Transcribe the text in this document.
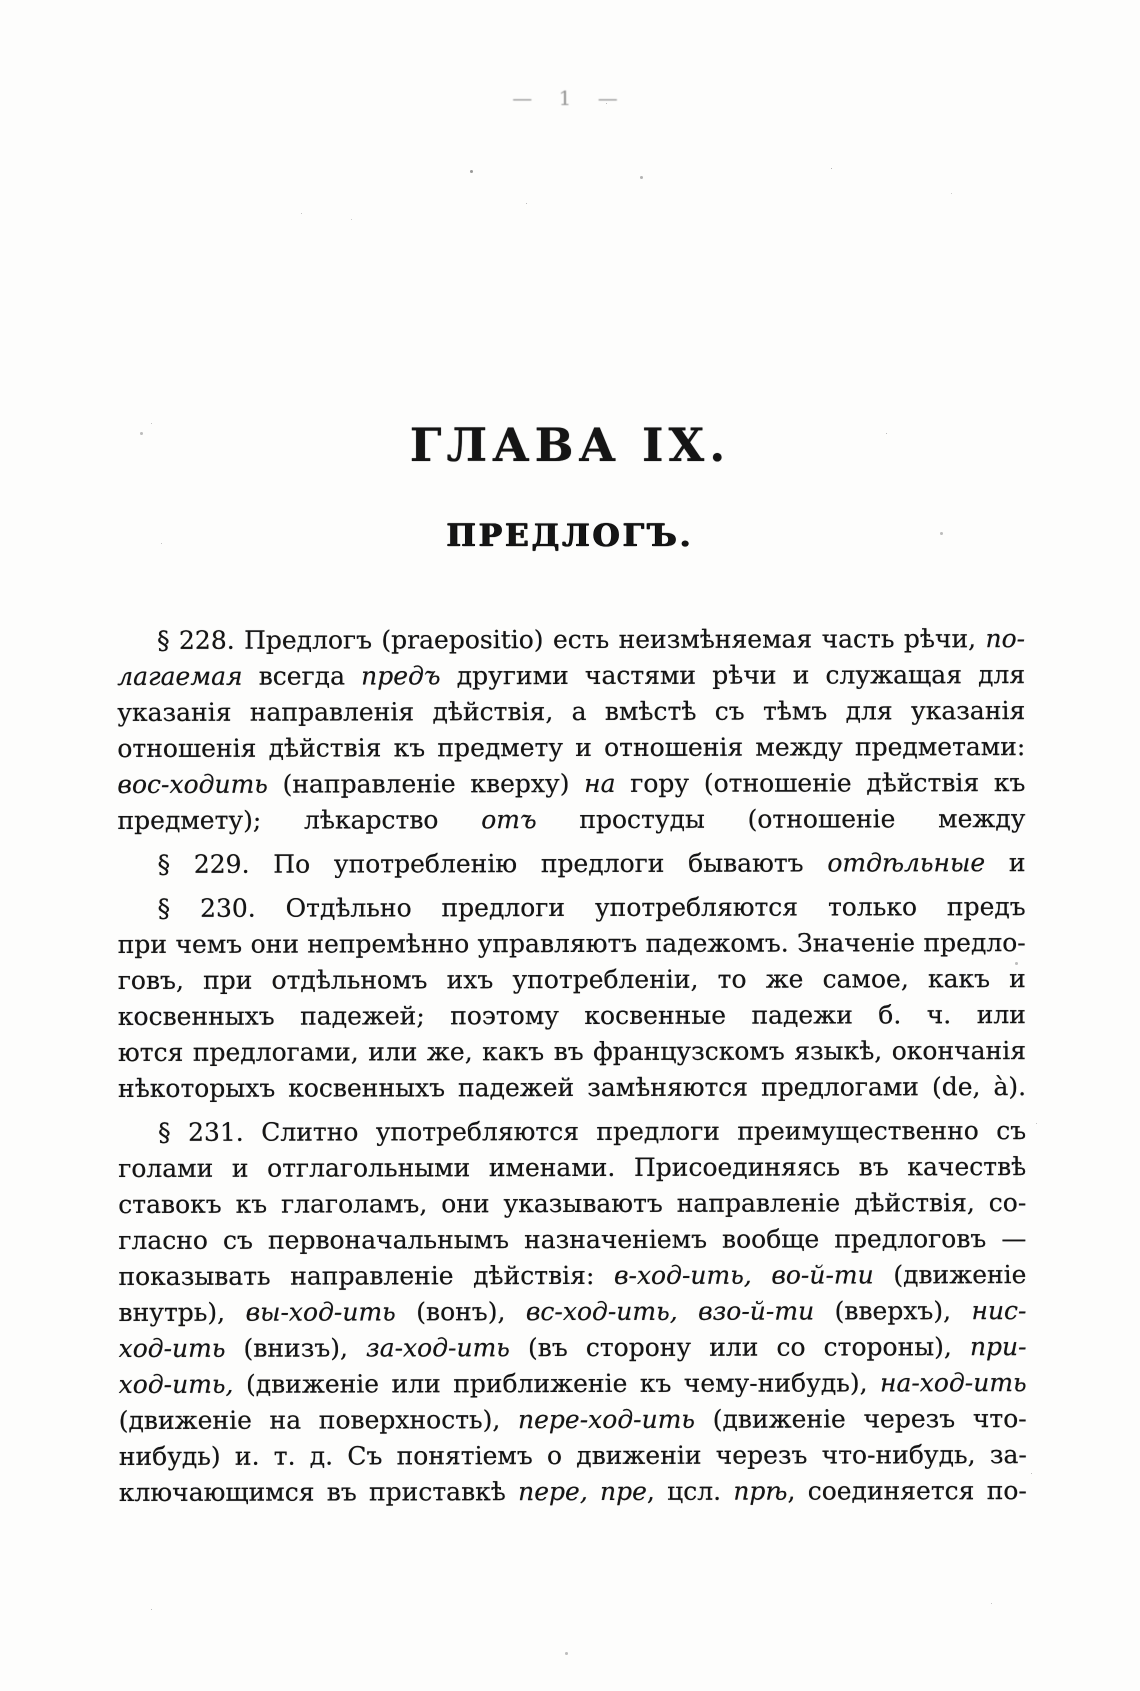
— 1 —
ГЛАВА IX.
ПРЕДЛОГЪ.
§ 228. Предлогъ (praepositio) есть неизмѣняемая часть рѣчи, по-
лагаемая всегда предъ другими частями рѣчи и служащая для
указанія направленія дѣйствія, а вмѣстѣ съ тѣмъ для указанія
отношенія дѣйствія къ предмету и отношенія между предметами:
вос-ходить (направленіе кверху) на гору (отношеніе дѣйствія къ
предмету); лѣкарство отъ простуды (отношеніе между
§ 229. По употребленію предлоги бываютъ отдѣльные и
§ 230. Отдѣльно предлоги употребляются только предъ
при чемъ они непремѣнно управляютъ падежомъ. Значеніе предло-
говъ, при отдѣльномъ ихъ употребленіи, то же самое, какъ и
косвенныхъ падежей; поэтому косвенные падежи б. ч. или
ются предлогами, или же, какъ въ французскомъ языкѣ, окончанія
нѣкоторыхъ косвенныхъ падежей замѣняются предлогами (de, à).
§ 231. Слитно употребляются предлоги преимущественно съ
голами и отглагольными именами. Присоединяясь въ качествѣ
ставокъ къ глаголамъ, они указываютъ направленіе дѣйствія, со-
гласно съ первоначальнымъ назначеніемъ вообще предлоговъ —
показывать направленіе дѣйствія: в-ход-ить, во-й-ти (движеніе
внутрь), вы-ход-ить (вонъ), вс-ход-ить, взо-й-ти (вверхъ), нис-
ход-ить (внизъ), за-ход-ить (въ сторону или со стороны), при-
ход-ить, (движеніе или приближеніе къ чему-нибудь), на-ход-ить
(движеніе на поверхность), пере-ход-ить (движеніе черезъ что-
нибудь) и. т. д. Съ понятіемъ о движеніи черезъ что-нибудь, за-
ключающимся въ приставкѣ пере, пре, цсл. прѣ, соединяется по-
